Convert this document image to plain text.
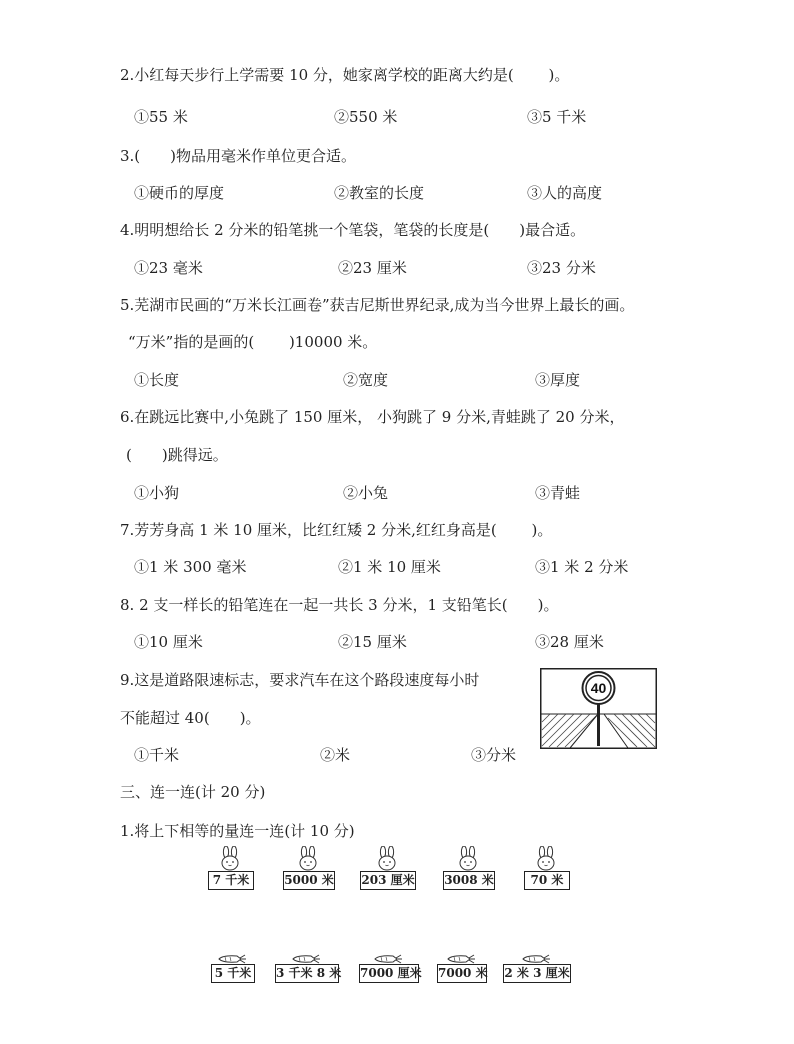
2.小红每天步行上学需要 10 分，她家离学校的距离大约是(　　 )。
①55 米	②550 米	③5 千米
3.(　　)物品用毫米作单位更合适。
①硬币的厚度	②教室的长度	③人的高度
4.明明想给长 2 分米的铅笔挑一个笔袋，笔袋的长度是(　　)最合适。
①23 毫米	②23 厘米	③23 分米
5.芜湖市民画的“万米长江画卷”获吉尼斯世界纪录,成为当今世界上最长的画。
“万米”指的是画的(　　 )10000 米。
①长度	②宽度	③厚度
6.在跳远比赛中,小兔跳了 150 厘米， 小狗跳了 9 分米,青蛙跳了 20 分米，
(　　)跳得远。
①小狗	②小兔	③青蛙
7.芳芳身高 1 米 10 厘米，比红红矮 2 分米,红红身高是(　　 )。
①1 米 300 毫米	②1 米 10 厘米	③1 米 2 分米
8. 2 支一样长的铅笔连在一起一共长 3 分米，1 支铅笔长(　　)。
①10 厘米	②15 厘米	③28 厘米
9.这是道路限速标志，要求汽车在这个路段速度每小时
不能超过 40(　　)。
①千米	②米	③分米
40
三、连一连(计 20 分)
1.将上下相等的量连一连(计 10 分)
7 千米	5000 米 203 厘米 3008 米	70 米
5 千米	3 千米 8 米 7000 厘米 7000 米 2 米 3 厘米
